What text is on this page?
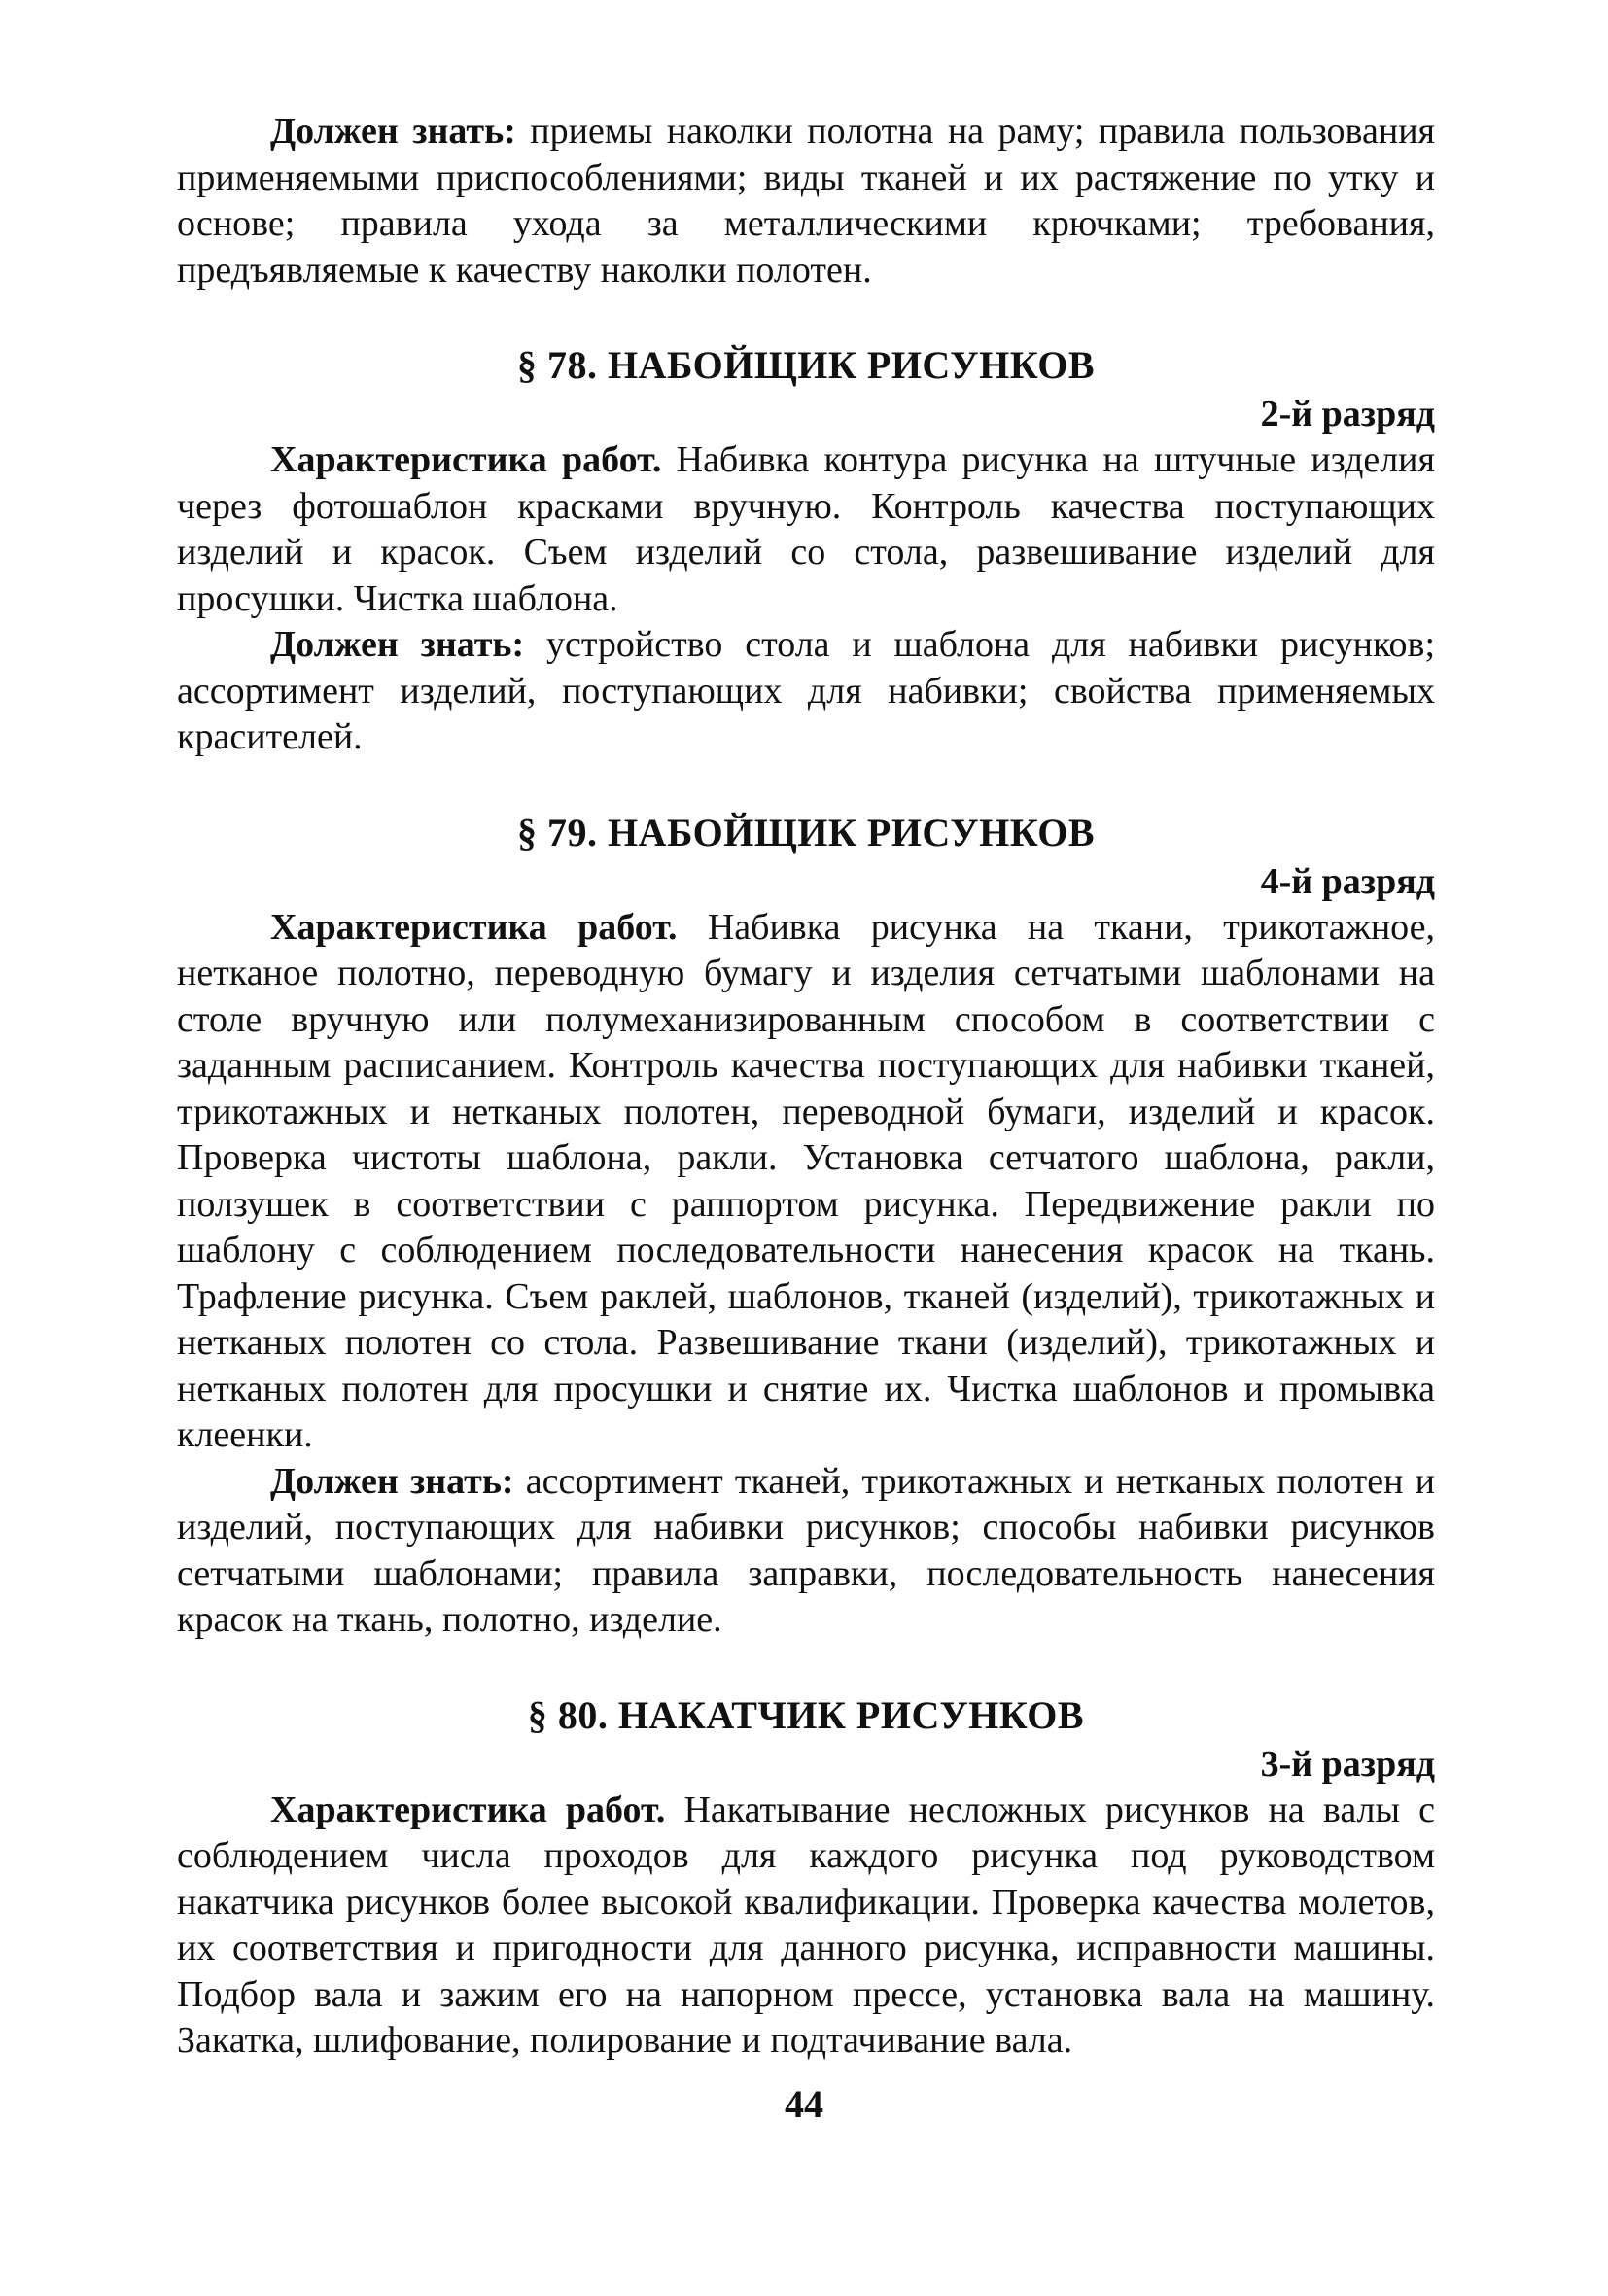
Должен знать: приемы наколки полотна на раму; правила пользования применяемыми приспособлениями; виды тканей и их растяжение по утку и основе; правила ухода за металлическими крючками; требования, предъявляемые к качеству наколки полотен.

§ 78. НАБОЙЩИК РИСУНКОВ

2-й разряд

Характеристика работ. Набивка контура рисунка на штучные изделия через фотошаблон красками вручную. Контроль качества поступающих изделий и красок. Съем изделий со стола, развешивание изделий для просушки. Чистка шаблона.

Должен знать: устройство стола и шаблона для набивки рисунков; ассортимент изделий, поступающих для набивки; свойства применяемых красителей.

§ 79. НАБОЙЩИК РИСУНКОВ

4-й разряд

Характеристика работ. Набивка рисунка на ткани, трикотажное, нетканое полотно, переводную бумагу и изделия сетчатыми шаблонами на столе вручную или полумеханизированным способом в соответствии с заданным расписанием. Контроль качества поступающих для набивки тканей, трикотажных и нетканых полотен, переводной бумаги, изделий и красок. Проверка чистоты шаблона, ракли. Установка сетчатого шаблона, ракли, ползушек в соответствии с раппортом рисунка. Передвижение ракли по шаблону с соблюдением последовательности нанесения красок на ткань. Трафление рисунка. Съем раклей, шаблонов, тканей (изделий), трикотажных и нетканых полотен со стола. Развешивание ткани (изделий), трикотажных и нетканых полотен для просушки и снятие их. Чистка шаблонов и промывка клеенки.

Должен знать: ассортимент тканей, трикотажных и нетканых полотен и изделий, поступающих для набивки рисунков; способы набивки рисунков сетчатыми шаблонами; правила заправки, последовательность нанесения красок на ткань, полотно, изделие.

§ 80. НАКАТЧИК РИСУНКОВ

3-й разряд

Характеристика работ. Накатывание несложных рисунков на валы с соблюдением числа проходов для каждого рисунка под руководством накатчика рисунков более высокой квалификации. Проверка качества молетов, их соответствия и пригодности для данного рисунка, исправности машины. Подбор вала и зажим его на напорном прессе, установка вала на машину. Закатка, шлифование, полирование и подтачивание вала.

44
